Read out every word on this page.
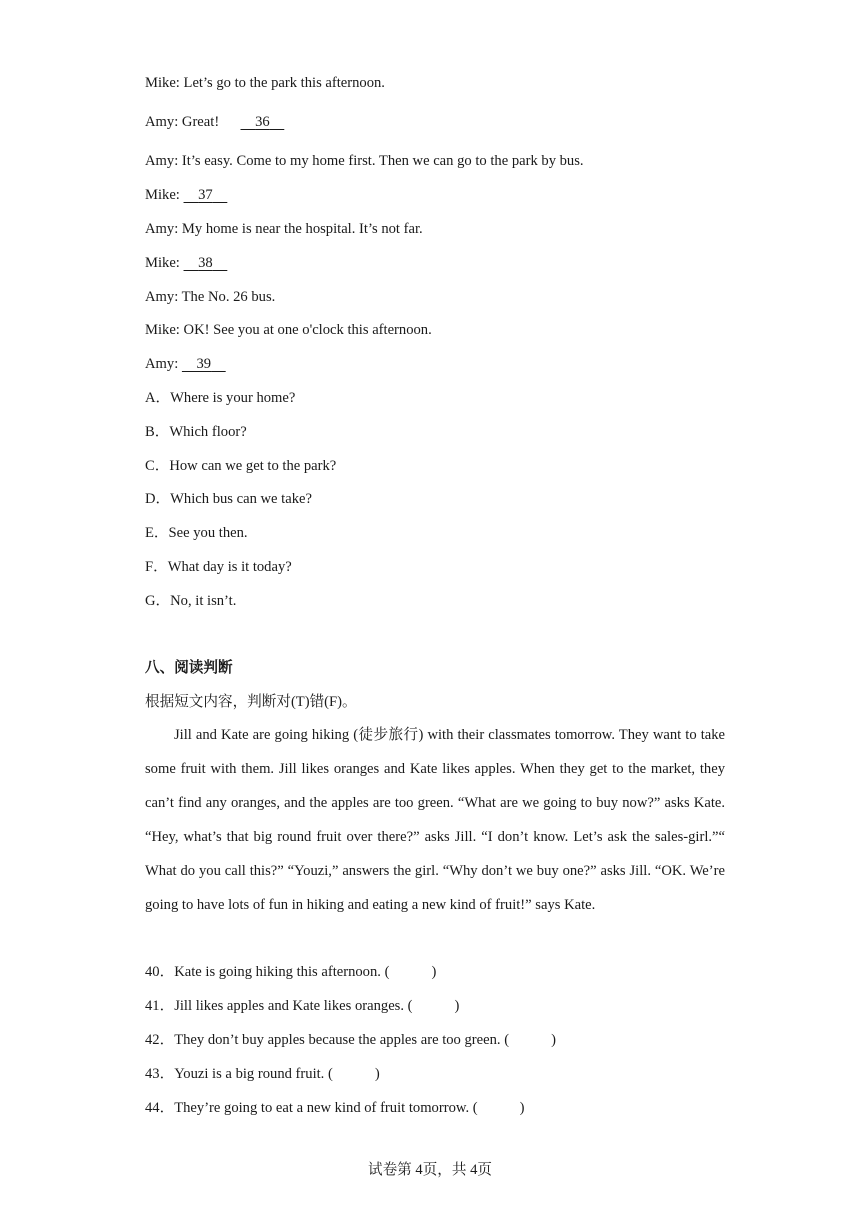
Mike: Let’s go to the park this afternoon.
Amy: Great! 36
Amy: It’s easy. Come to my home first. Then we can go to the park by bus.
Mike: 37
Amy: My home is near the hospital. It’s not far.
Mike: 38
Amy: The No. 26 bus.
Mike: OK! See you at one o'clock this afternoon.
Amy: 39
A．Where is your home?
B．Which floor?
C．How can we get to the park?
D．Which bus can we take?
E．See you then.
F．What day is it today?
G．No, it isn’t.
八、阅读判断
根据短文内容，判断对(T)错(F)。
Jill and Kate are going hiking (徒步旅行) with their classmates tomorrow. They want to take some fruit with them. Jill likes oranges and Kate likes apples. When they get to the market, they can’t find any oranges, and the apples are too green. “What are we going to buy now?” asks Kate. “Hey, what’s that big round fruit over there?” asks Jill. “I don’t know. Let’s ask the sales-girl.”“ What do you call this?” “Youzi,” answers the girl. “Why don’t we buy one?” asks Jill. “OK. We’re going to have lots of fun in hiking and eating a new kind of fruit!” says Kate.
40．Kate is going hiking this afternoon. (	)
41．Jill likes apples and Kate likes oranges. (	)
42．They don’t buy apples because the apples are too green. (	)
43．Youzi is a big round fruit. (	)
44．They’re going to eat a new kind of fruit tomorrow. (	)
试卷第 4页，共 4页
